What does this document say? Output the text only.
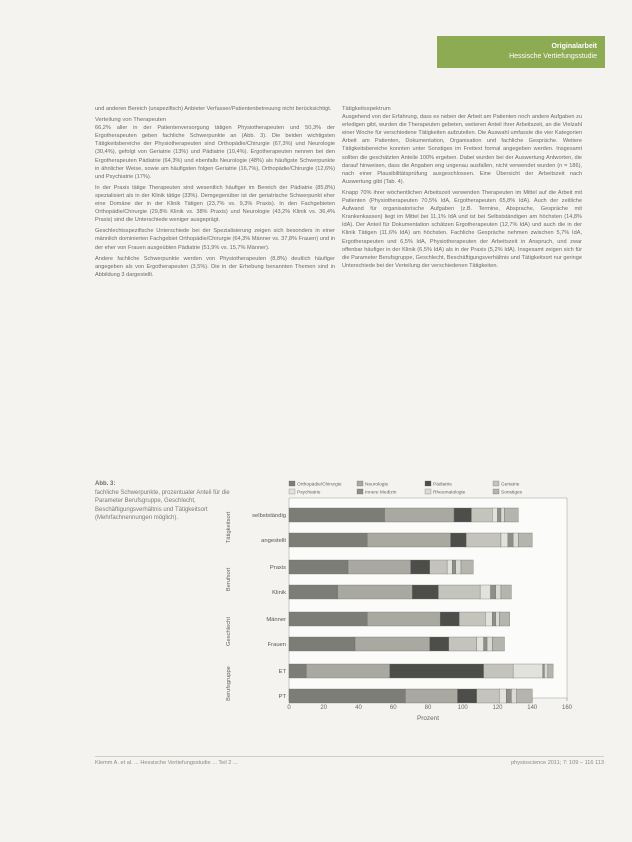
Originalarbeit
Hessische Vertiefungsstudie

und anderen Bereich (unspezifisch) Anbieter Verfasser/Patientenbetreuung nicht berücksichtigt.

Verteilung von Therapeuten

66,2% aller in der Patientenversorgung tätigen Physiotherapeuten und 50,3% der Ergotherapeuten geben fachliche Schwerpunkte an (Abb. 3). Die beiden wichtigsten Tätigkeitsbereiche der Physiotherapeuten sind Orthopädie/Chirurgie (67,3%) und Neurologie (30,4%), gefolgt von Geriatrie (13%) und Pädiatrie (10,4%). Ergotherapeuten nennen bei den Ergotherapeuten Pädiatrie (64,3%) und ebenfalls Neurologie (48%) als häufigste Schwerpunkte in ähnlicher Weise, sowie am häufigsten folgen Geriatrie (16,7%), Orthopädie/Chirurgie (12,6%) und Psychiatrie (17%).

In der Praxis tätige Therapeuten sind wesentlich häufiger im Bereich der Pädiatrie (85,8%) spezialisiert als in der Klinik tätige (33%). Demgegenüber ist der geriatrische Schwerpunkt eher eine Domäne der in der Klinik Tätigen (23,7% vs. 9,3% Praxis). In den Fachgebieten Orthopädie/Chirurgie (29,8% Klinik vs. 38% Praxis) und Neurologie (43,2% Klinik vs. 36,4% Praxis) sind die Unterschiede weniger ausgeprägt.

Geschlechtsspezifische Unterschiede bei der Spezialisierung zeigen sich besonders in einer männlich dominierten Fachgebiet Orthopädie/Chirurgie (64,3% Männer vs. 37,8% Frauen) und in der eher von Frauen ausgeübten Pädiatrie (51,9% vs. 15,7% Männer).

Andere fachliche Schwerpunkte werden von Physiotherapeuten (8,8%) deutlich häufiger angegeben als von Ergotherapeuten (3,5%). Die in der Erhebung benannten Themen sind in Abbildung 3 dargestellt.

Tätigkeitsspektrum

Ausgehend von der Erfahrung, dass es neben der Arbeit am Patienten noch andere Aufgaben zu erledigen gibt, wurden die Therapeuten gebeten, weiteren Anteil ihrer Arbeitszeit, an die Vielzahl einer Woche für verschiedene Tätigkeiten aufzuteilen. Die Auswahl umfasste die vier Kategorien Arbeit am Patienten, Dokumentation, Organisation und fachliche Gespräche. Weitere Tätigkeitsbereiche konnten unter Sonstiges im Freitext formal angegeben werden. Insgesamt sollten die geschätzten Anteile 100% ergeben. Dabei wurden bei der Auswertung Antworten, die darauf hinweisen, dass die Angaben eng ungenau ausfallen, nicht verwendet wurden (n = 186), nach einer Plausibilitätsprüfung ausgeschlossen. Eine Übersicht der Arbeitszeit nach Auswertung gibt (Tab. 4).

Knapp 70% ihrer wöchentlichen Arbeitszeit verwenden Therapeuten im Mittel auf die Arbeit mit Patienten (Physiotherapeuten 70,5% IdA, Ergotherapeuten 65,8% IdA). Auch der zeitliche Aufwand für organisatorische Aufgaben (z.B. Termine, Absprache, Gespräche mit Krankenkassen) liegt im Mittel bei 11,1% IdA und ist bei Selbstständigen am höchsten (14,8% IdA). Der Anteil für Dokumentation schätzen Ergotherapeuten (12,7% IdA) und auch die in der Klinik Tätigen (11,6% IdA) am höchsten. Fachliche Gespräche nehmen zwischen 5,7% IdA, Ergotherapeuten und 6,5% IdA, Physiotherapeuten der Arbeitszeit in Anspruch, und zwar offenbar häufiger in der Klinik (6,5% IdA) als in der Praxis (5,2% IdA). Insgesamt zeigen sich für die Parameter Berufsgruppe, Geschlecht, Beschäftigungsverhältnis und Tätigkeitsort nur geringe Unterschiede bei der Verteilung der verschiedenen Tätigkeiten.

Abb. 3:
fachliche Schwerpunkte, prozentualer Anteil für die Parameter Berufsgruppe, Geschlecht, Beschäftigungsverhältnis und Tätigkeitsort (Mehrfachnennungen möglich).
Orthopädie/Chirurgie	Neurologie	Pädiatrie	Geriatrie
Psychiatrie	Innere Medizin	Rheumatologie	Sonstiges
0	20	40	60	80	100	120	140	160
Prozent
Tätigkeitsort
Berufsort
Geschlecht
Berufsgruppe
selbstständig
angestellt
Praxis
Klinik
Männer
Frauen
ET
PT
Klemm A. et al. ... Hessische Vertiefungsstudie ... Teil 2 ...	physioscience 2011; 7: 109 – 116 113
